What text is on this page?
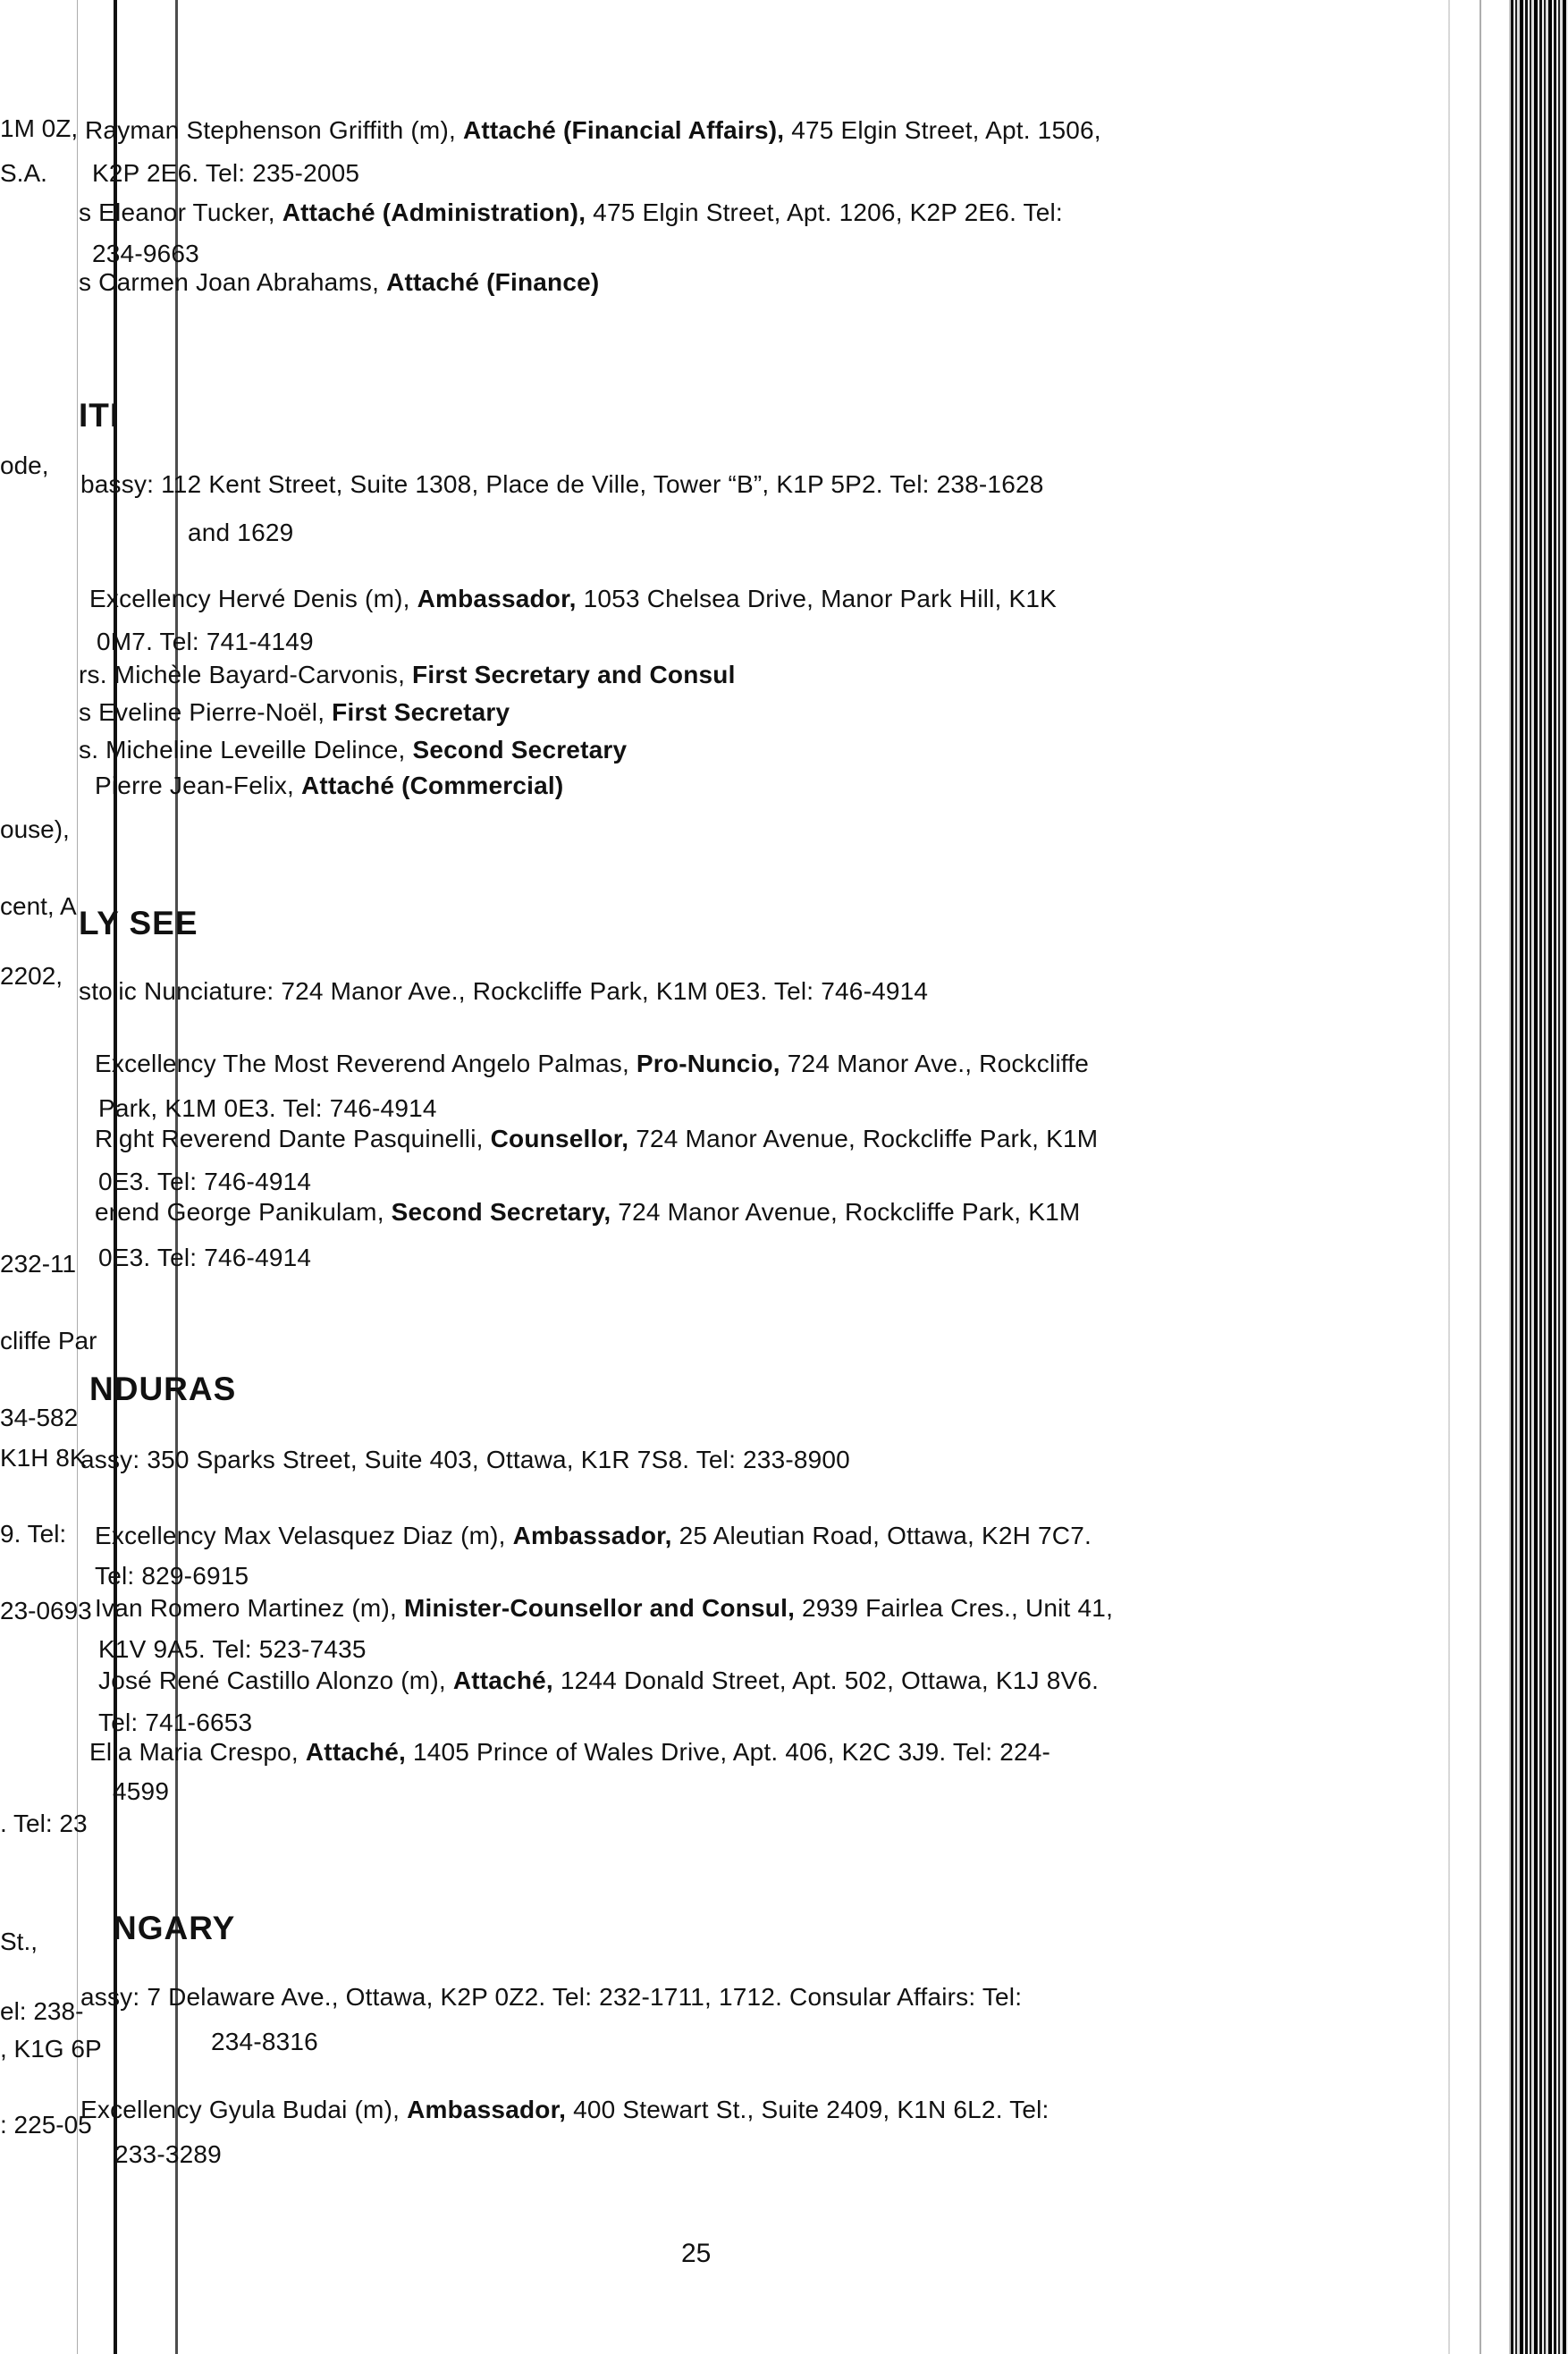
1M 0Z,
S.A.
ode,
ouse),
cent, A
2202,
232-11
cliffe Par
34-582
K1H 8K
9. Tel:
23-0693
. Tel: 23
St.,
el: 238-
, K1G 6P
: 225-05
ITI
LY SEE
NDURAS
NGARY
Rayman Stephenson Griffith (m), Attaché (Financial Affairs), 475 Elgin Street, Apt. 1506,
K2P 2E6. Tel: 235-2005
s Eleanor Tucker, Attaché (Administration), 475 Elgin Street, Apt. 1206, K2P 2E6. Tel:
234-9663
s Carmen Joan Abrahams, Attaché (Finance)
bassy: 112 Kent Street, Suite 1308, Place de Ville, Tower “B”, K1P 5P2. Tel: 238-1628
and 1629
Excellency Hervé Denis (m), Ambassador, 1053 Chelsea Drive, Manor Park Hill, K1K
0M7. Tel: 741-4149
rs. Michèle Bayard-Carvonis, First Secretary and Consul
s Eveline Pierre-Noël, First Secretary
s. Micheline Leveille Delince, Second Secretary
Pierre Jean-Felix, Attaché (Commercial)
stolic Nunciature: 724 Manor Ave., Rockcliffe Park, K1M 0E3. Tel: 746-4914
Excellency The Most Reverend Angelo Palmas, Pro-Nuncio, 724 Manor Ave., Rockcliffe
Park, K1M 0E3. Tel: 746-4914
Right Reverend Dante Pasquinelli, Counsellor, 724 Manor Avenue, Rockcliffe Park, K1M
0E3. Tel: 746-4914
erend George Panikulam, Second Secretary, 724 Manor Avenue, Rockcliffe Park, K1M
0E3. Tel: 746-4914
assy: 350 Sparks Street, Suite 403, Ottawa, K1R 7S8. Tel: 233-8900
Excellency Max Velasquez Diaz (m), Ambassador, 25 Aleutian Road, Ottawa, K2H 7C7.
Tel: 829-6915
Ivan Romero Martinez (m), Minister-Counsellor and Consul, 2939 Fairlea Cres., Unit 41,
K1V 9A5. Tel: 523-7435
José René Castillo Alonzo (m), Attaché, 1244 Donald Street, Apt. 502, Ottawa, K1J 8V6.
Tel: 741-6653
Elia Maria Crespo, Attaché, 1405 Prince of Wales Drive, Apt. 406, K2C 3J9. Tel: 224-
4599
assy: 7 Delaware Ave., Ottawa, K2P 0Z2. Tel: 232-1711, 1712. Consular Affairs: Tel:
234-8316
Excellency Gyula Budai (m), Ambassador, 400 Stewart St., Suite 2409, K1N 6L2. Tel:
233-3289
25
